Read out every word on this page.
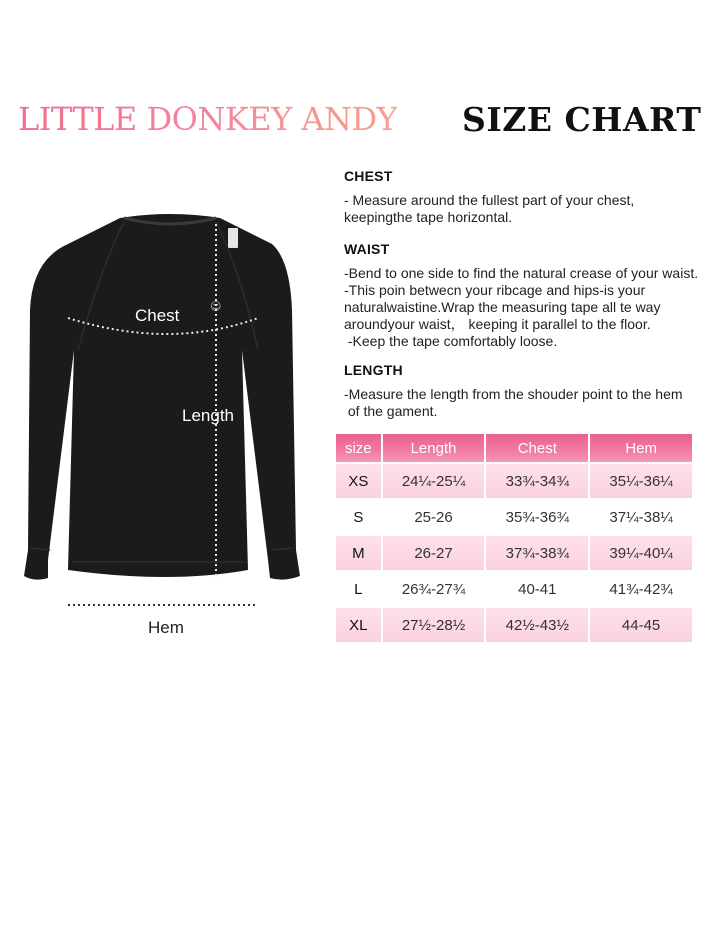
LITTLE DONKEY ANDY SIZE CHART
☺
Chest
Length
Hem
CHEST

- Measure around the fullest part of your chest,
keepingthe tape horizontal.

WAIST

-Bend to one side to find the natural crease of your waist.
-This poin betwecn your ribcage and hips-is your
naturalwaistine.Wrap the measuring tape all te way
aroundyour waist， keeping it parallel to the floor.
-Keep the tape comfortably loose.

LENGTH

-Measure the length from the shouder point to the hem
of the gament.

size	Length	Chest	Hem
XS	24¼-25¼	33¾-34¾	35¼-36¼
S	25-26	35¾-36¾	37¼-38¼
M	26-27	37¾-38¾	39¼-40¼
L	26¾-27¾	40-41	41¾-42¾
XL	27½-28½	42½-43½	44-45
